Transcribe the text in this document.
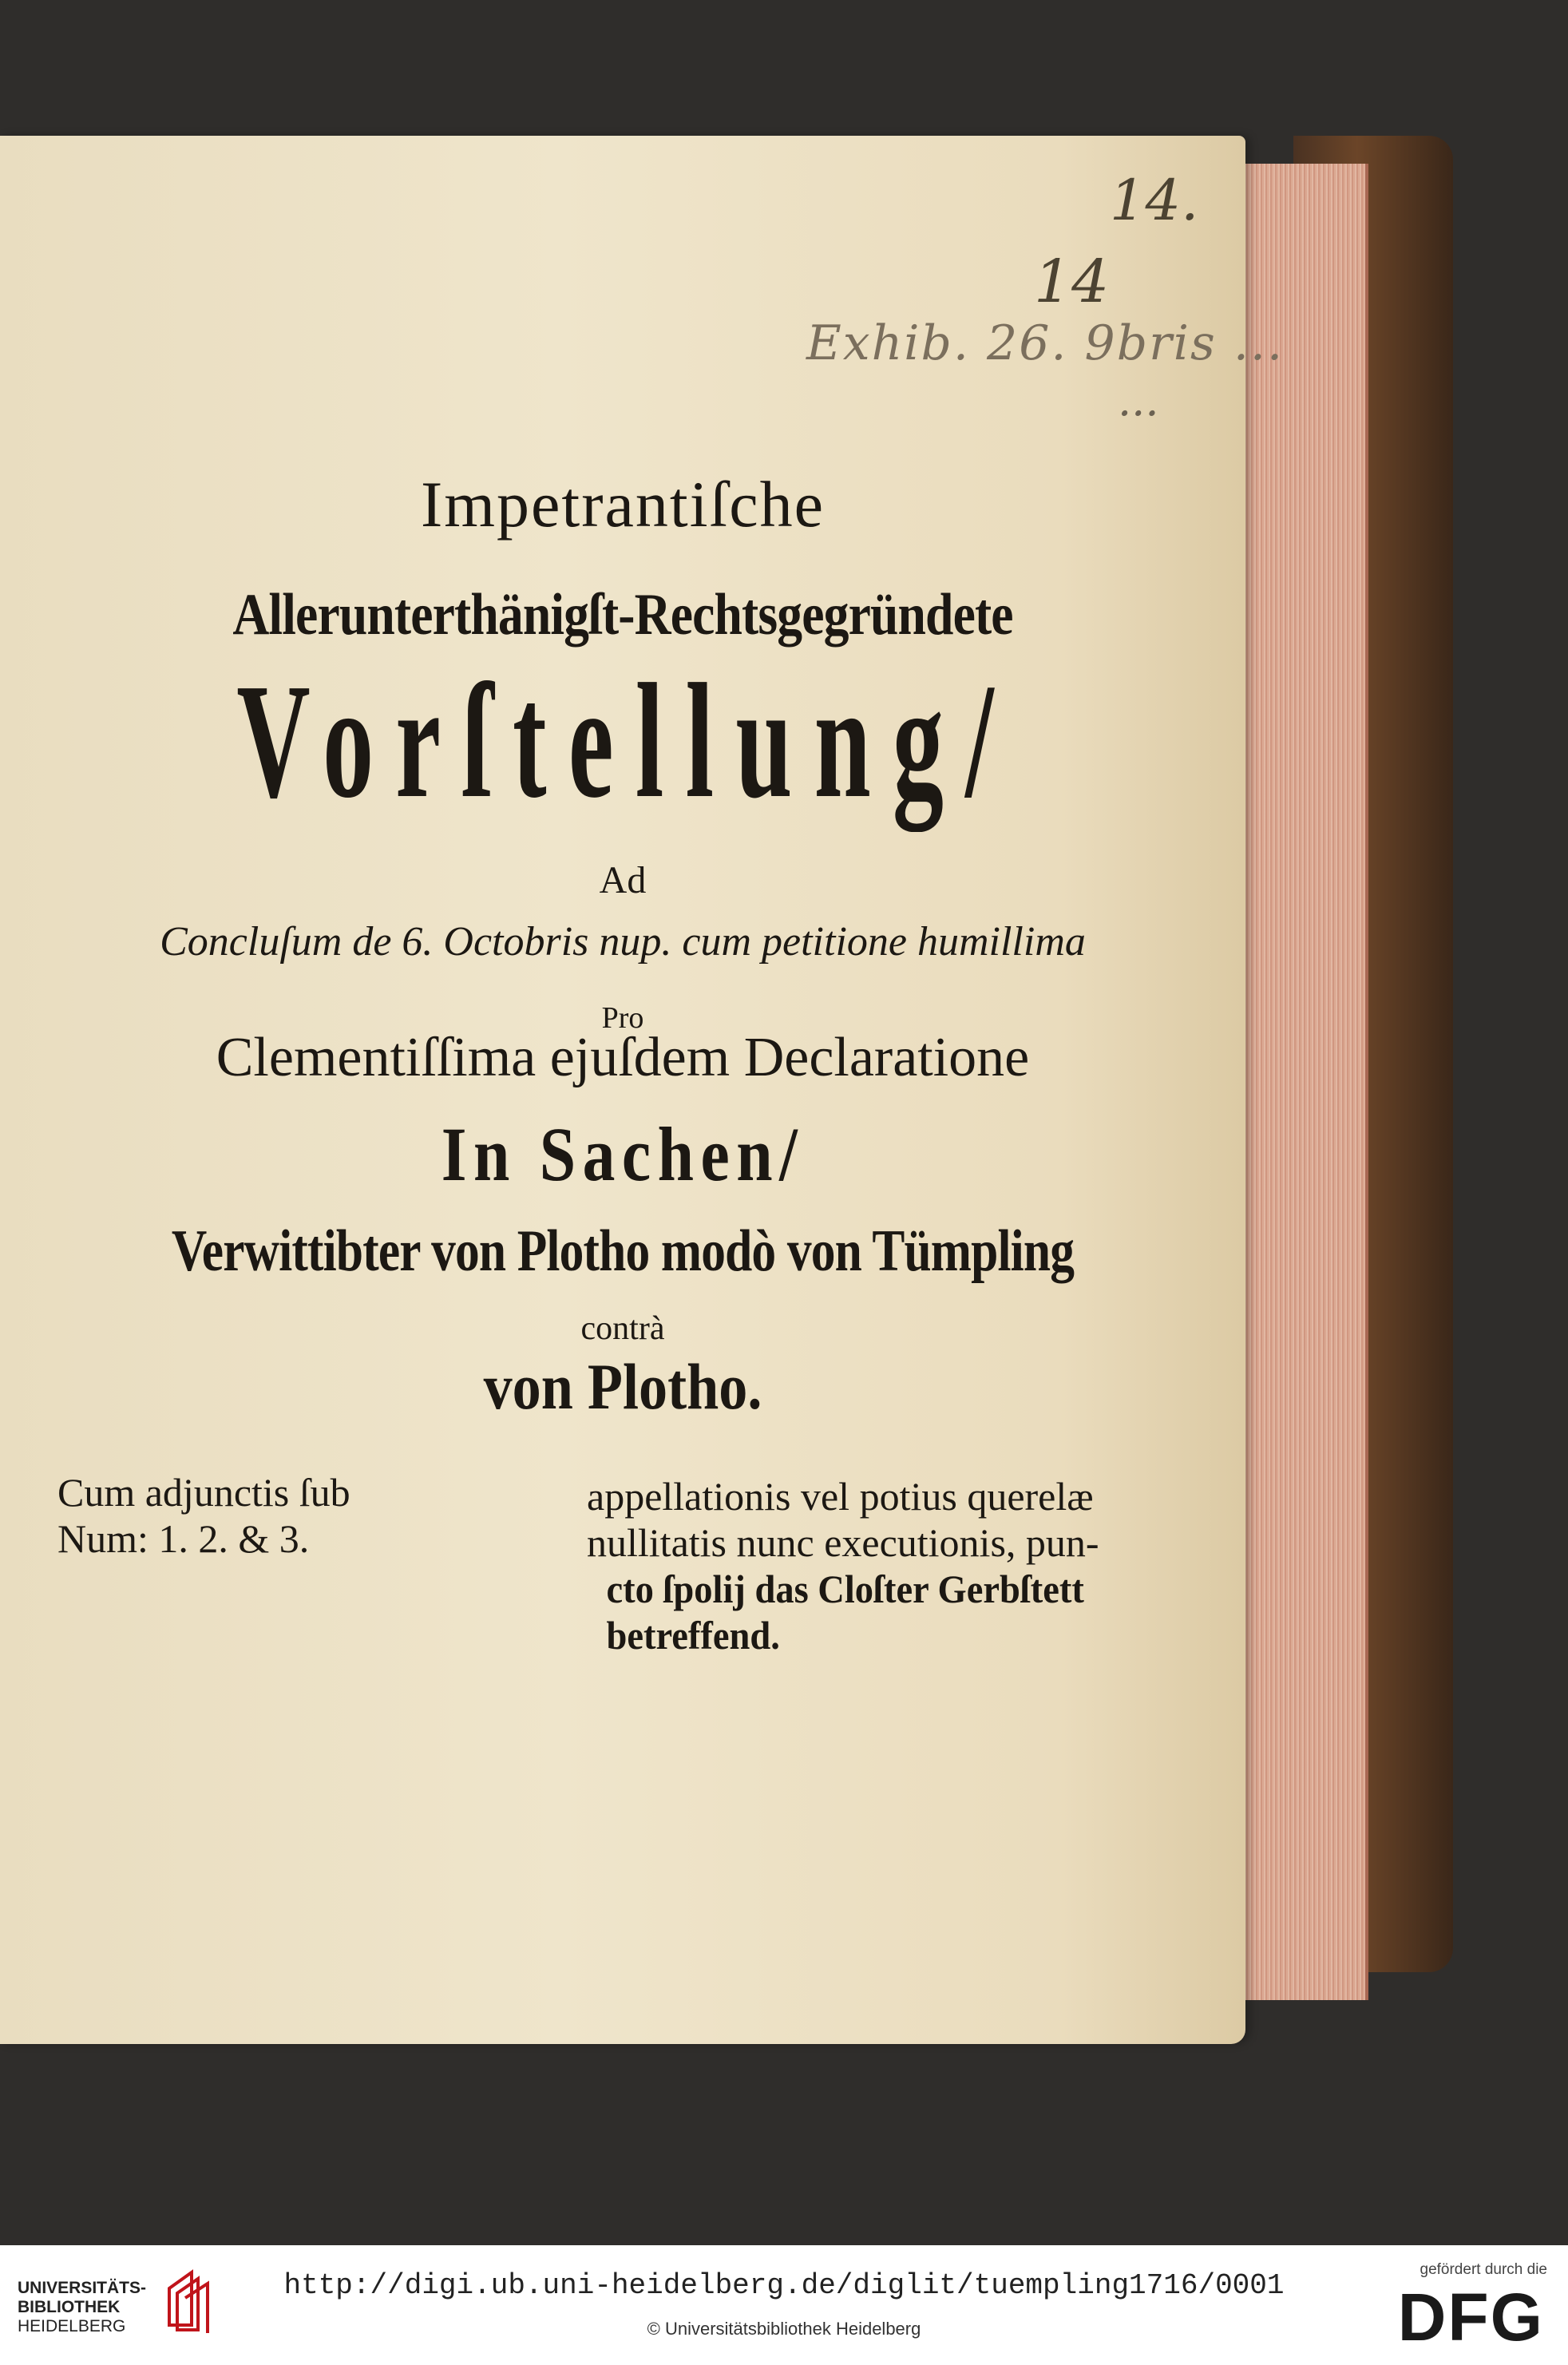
14.
14
Exhib. 26. 9bris ...
...
Impetrantiſche
Allerunterthänigſt-Rechtsgegründete
Vorſtellung/
Ad
Concluſum de 6. Octobris nup. cum petitione humillima
Pro
Clementiſſima ejuſdem Declaratione
In Sachen/
Verwittibter von Plotho modò von Tümpling
contrà
von Plotho.

Cum adjunctis ſub

Num: 1. 2. & 3.

appellationis vel potius querelæ

nullitatis nunc executionis, pun-

cto ſpolij das Cloſter Gerbſtett

betreffend.

UNIVERSITÄTS-
BIBLIOTHEK
HEIDELBERG
http://digi.ub.uni-heidelberg.de/diglit/tuempling1716/0001
© Universitätsbibliothek Heidelberg
gefördert durch die
DFG
